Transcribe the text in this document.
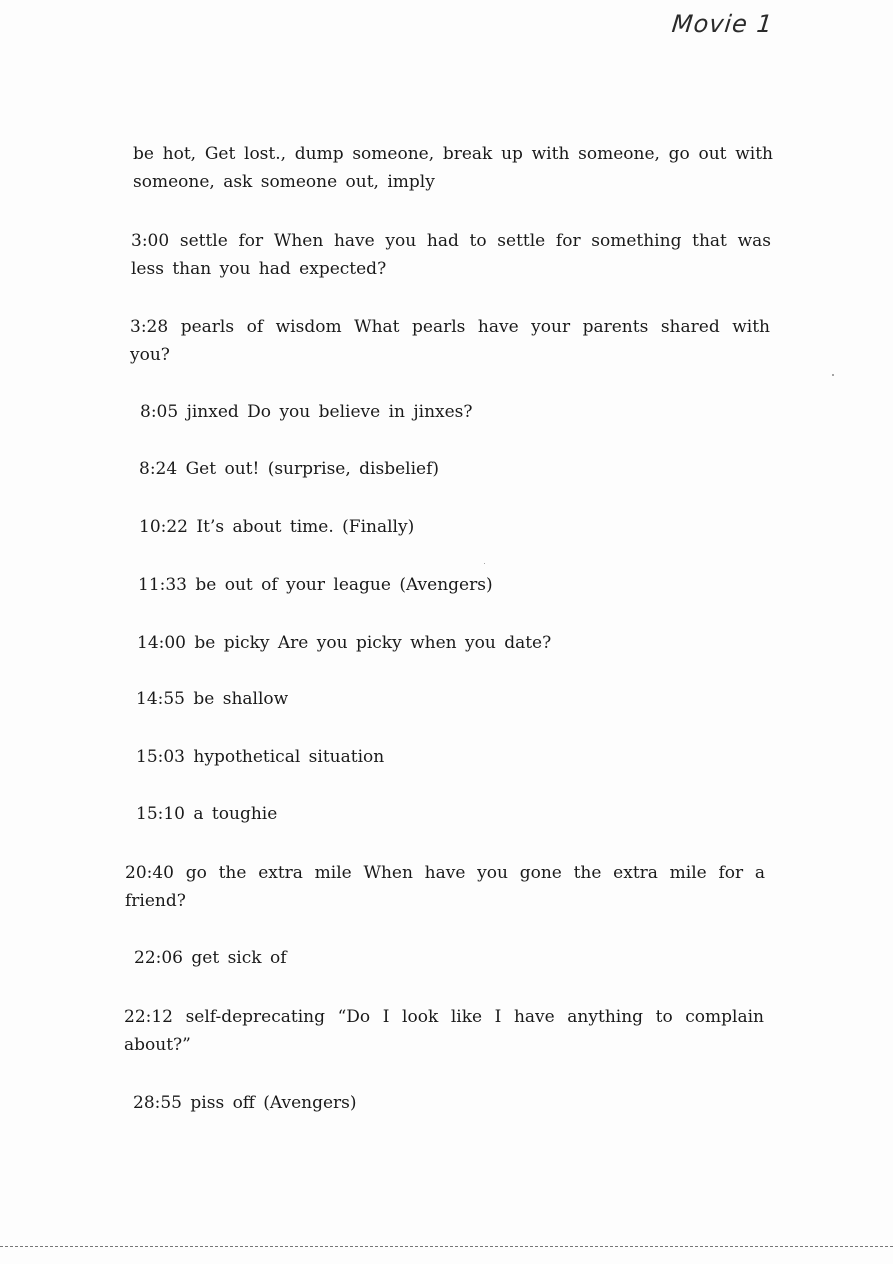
Movie 1
be hot, Get lost., dump someone, break up with someone, go out with someone, ask someone out, imply
3:00 settle for When have you had to settle for something that was less than you had expected?
3:28 pearls of wisdom What pearls have your parents shared with you?
8:05 jinxed Do you believe in jinxes?
8:24 Get out! (surprise, disbelief)
10:22 It’s about time. (Finally)
11:33 be out of your league (Avengers)
14:00 be picky Are you picky when you date?
14:55 be shallow
15:03 hypothetical situation
15:10 a toughie
20:40 go the extra mile When have you gone the extra mile for a friend?
22:06 get sick of
22:12 self-deprecating “Do I look like I have anything to complain about?”
28:55 piss off (Avengers)
